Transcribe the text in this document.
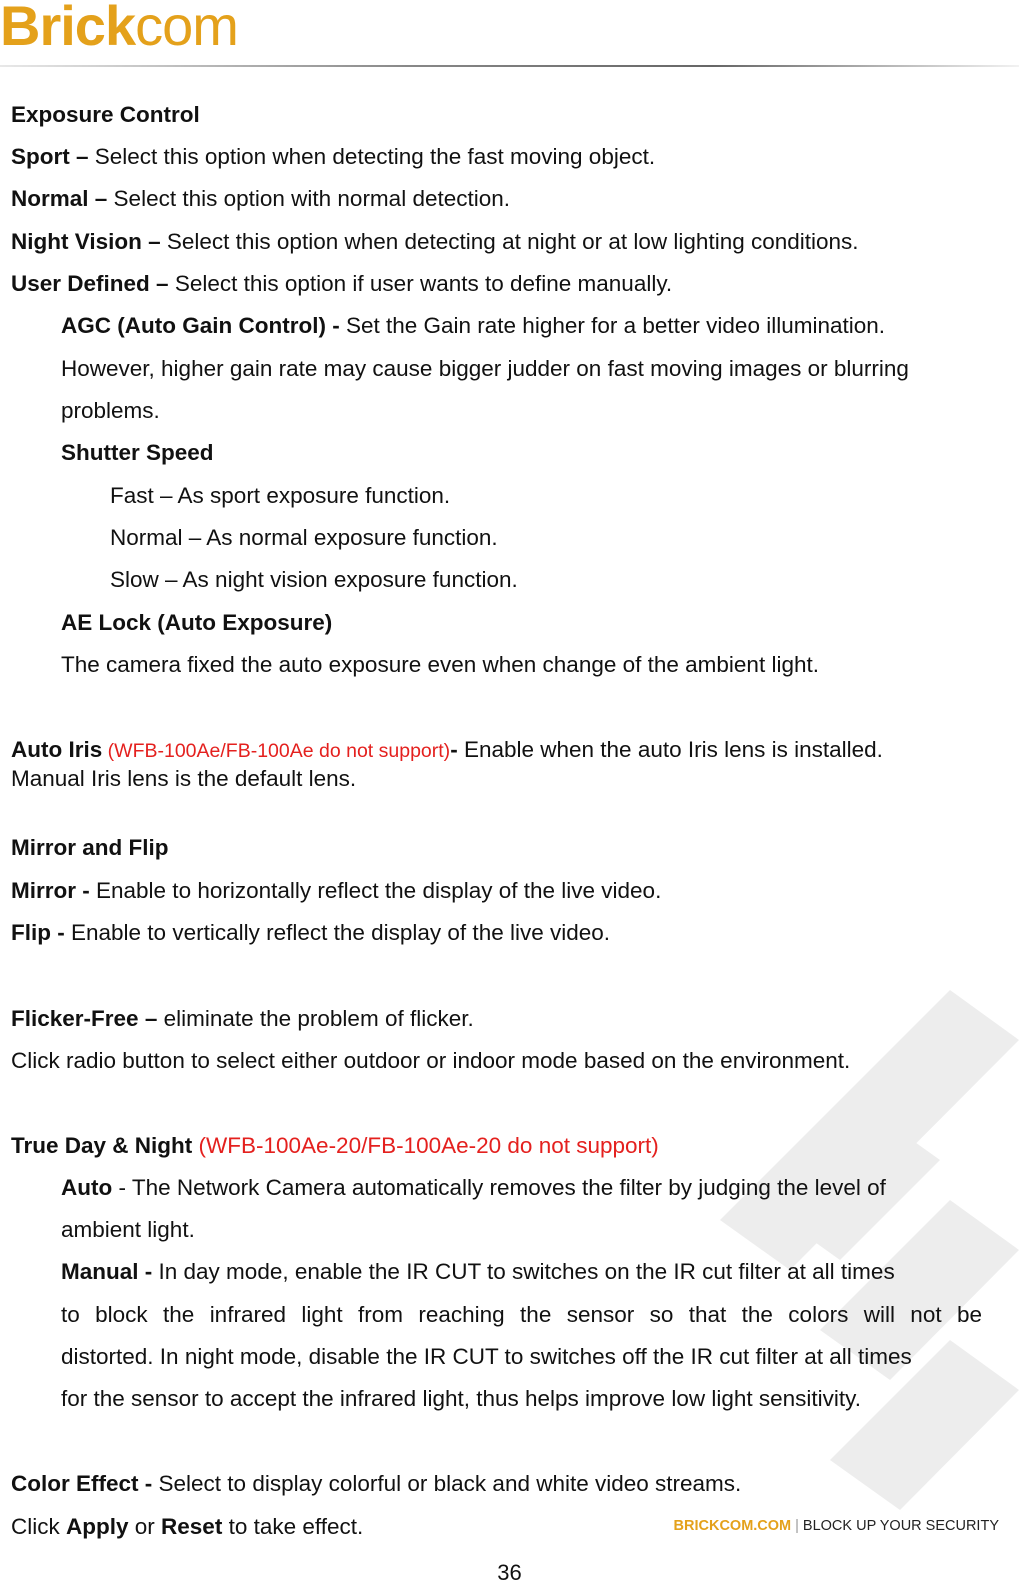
Brickcom
Exposure Control
Sport – Select this option when detecting the fast moving object.
Normal – Select this option with normal detection.
Night Vision – Select this option when detecting at night or at low lighting conditions.
User Defined – Select this option if user wants to define manually.
AGC (Auto Gain Control) - Set the Gain rate higher for a better video illumination.
However, higher gain rate may cause bigger judder on fast moving images or blurring
problems.
Shutter Speed
Fast – As sport exposure function.
Normal – As normal exposure function.
Slow – As night vision exposure function.
AE Lock (Auto Exposure)
The camera fixed the auto exposure even when change of the ambient light.
Auto Iris (WFB-100Ae/FB-100Ae do not support)- Enable when the auto Iris lens is installed.
Manual Iris lens is the default lens.
Mirror and Flip
Mirror - Enable to horizontally reflect the display of the live video.
Flip - Enable to vertically reflect the display of the live video.
Flicker-Free – eliminate the problem of flicker.
Click radio button to select either outdoor or indoor mode based on the environment.
True Day & Night (WFB-100Ae-20/FB-100Ae-20 do not support)
Auto - The Network Camera automatically removes the filter by judging the level of
ambient light.
Manual - In day mode, enable the IR CUT to switches on the IR cut filter at all times
to block the infrared light from reaching the sensor so that the colors will not be
distorted. In night mode, disable the IR CUT to switches off the IR cut filter at all times
for the sensor to accept the infrared light, thus helps improve low light sensitivity.
Color Effect - Select to display colorful or black and white video streams.
Click Apply or Reset to take effect.	BRICKCOM.COM | BLOCK UP YOUR SECURITY
36
